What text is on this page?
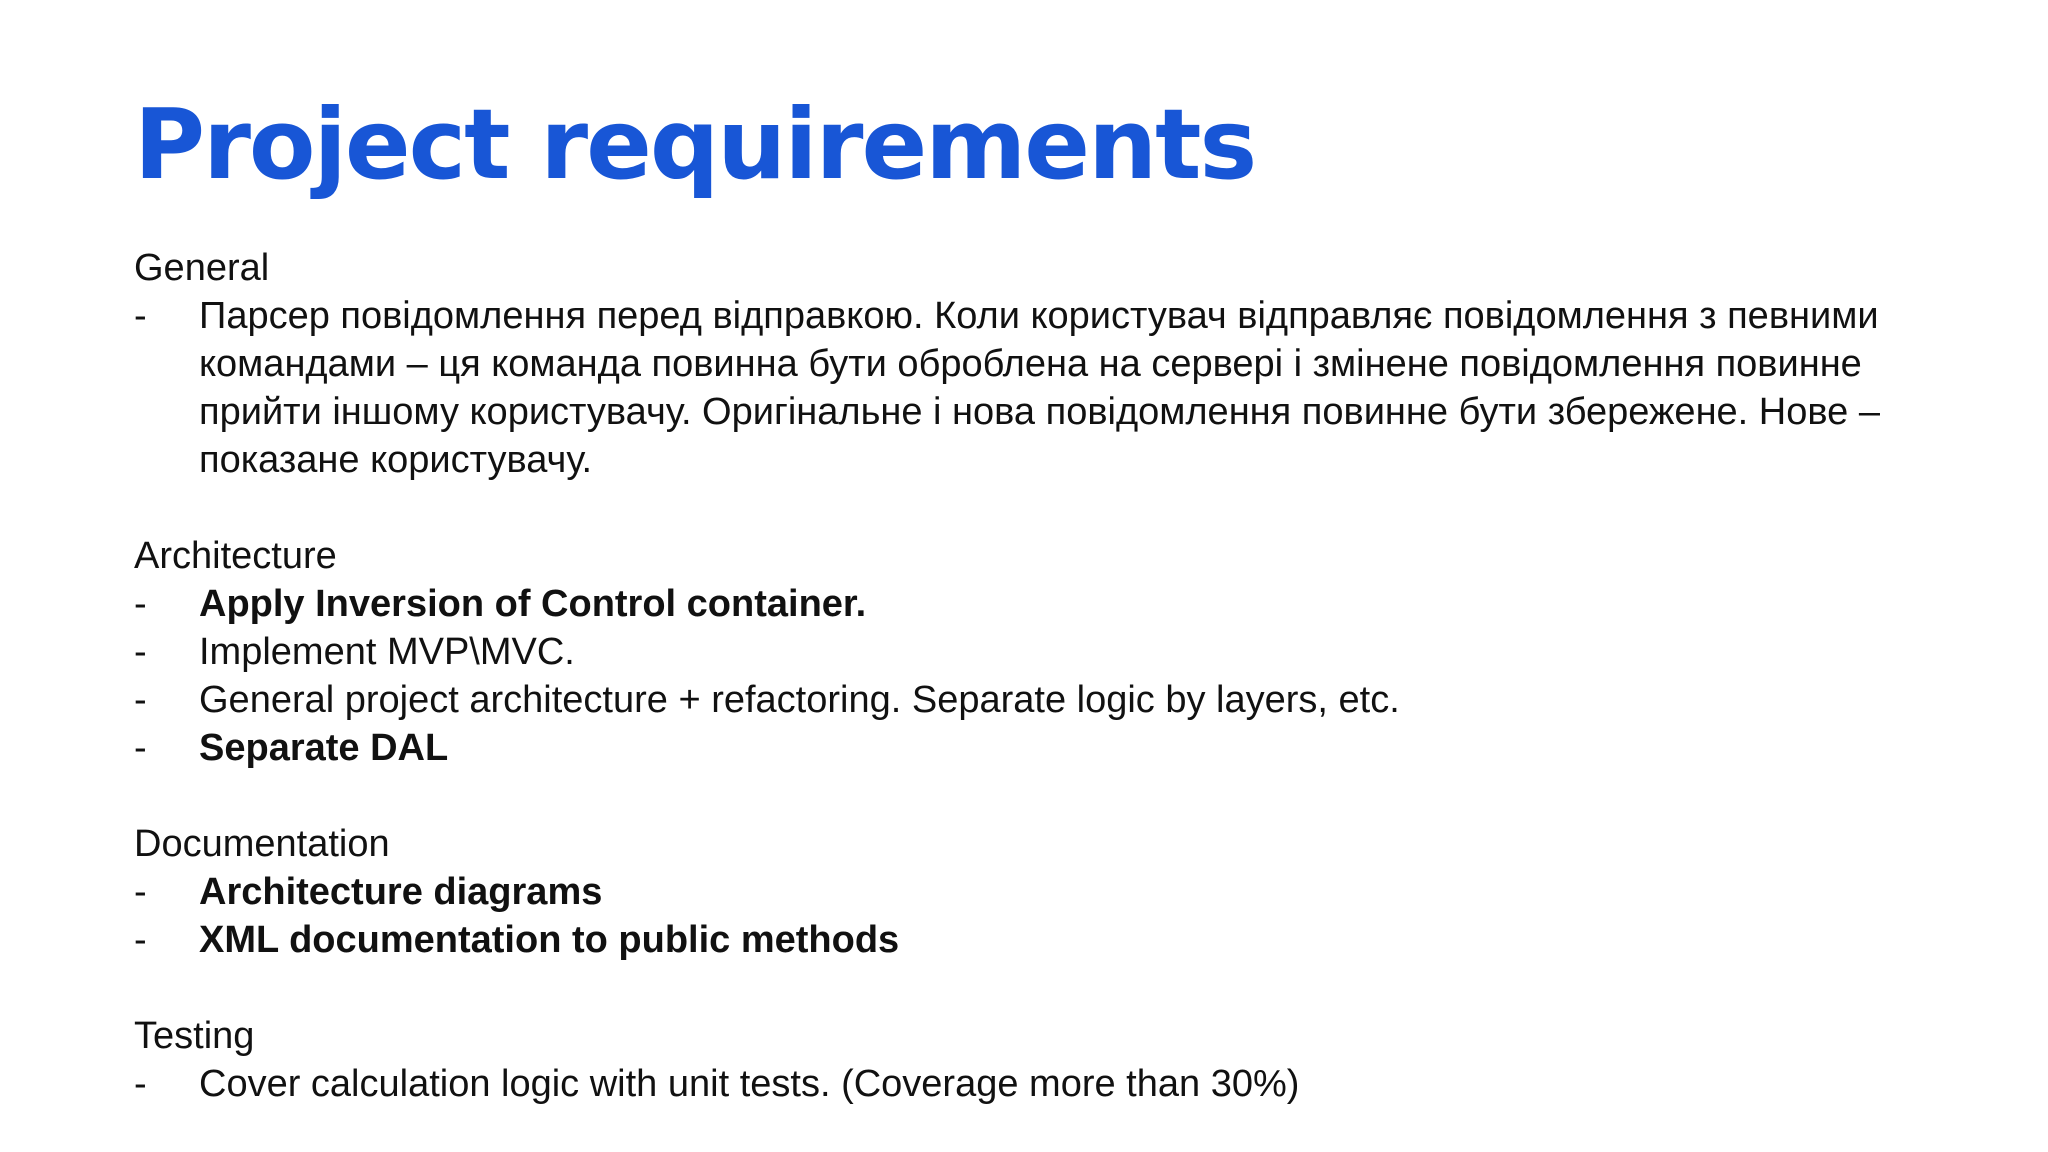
Project requirements

General

-	Парсер повідомлення перед відправкою. Коли користувач відправляє повідомлення з певними командами – ця команда повинна бути оброблена на сервері і змінене повідомлення повинне прийти іншому користувачу. Оригінальне і нова повідомлення повинне бути збережене. Нове – показане користувачу.

Architecture

-	Apply Inversion of Control container.
-	Implement MVP\MVC.
-	General project architecture + refactoring. Separate logic by layers, etc.
-	Separate DAL

Documentation

-	Architecture diagrams
-	XML documentation to public methods

Testing

-	Cover calculation logic with unit tests. (Coverage more than 30%)
